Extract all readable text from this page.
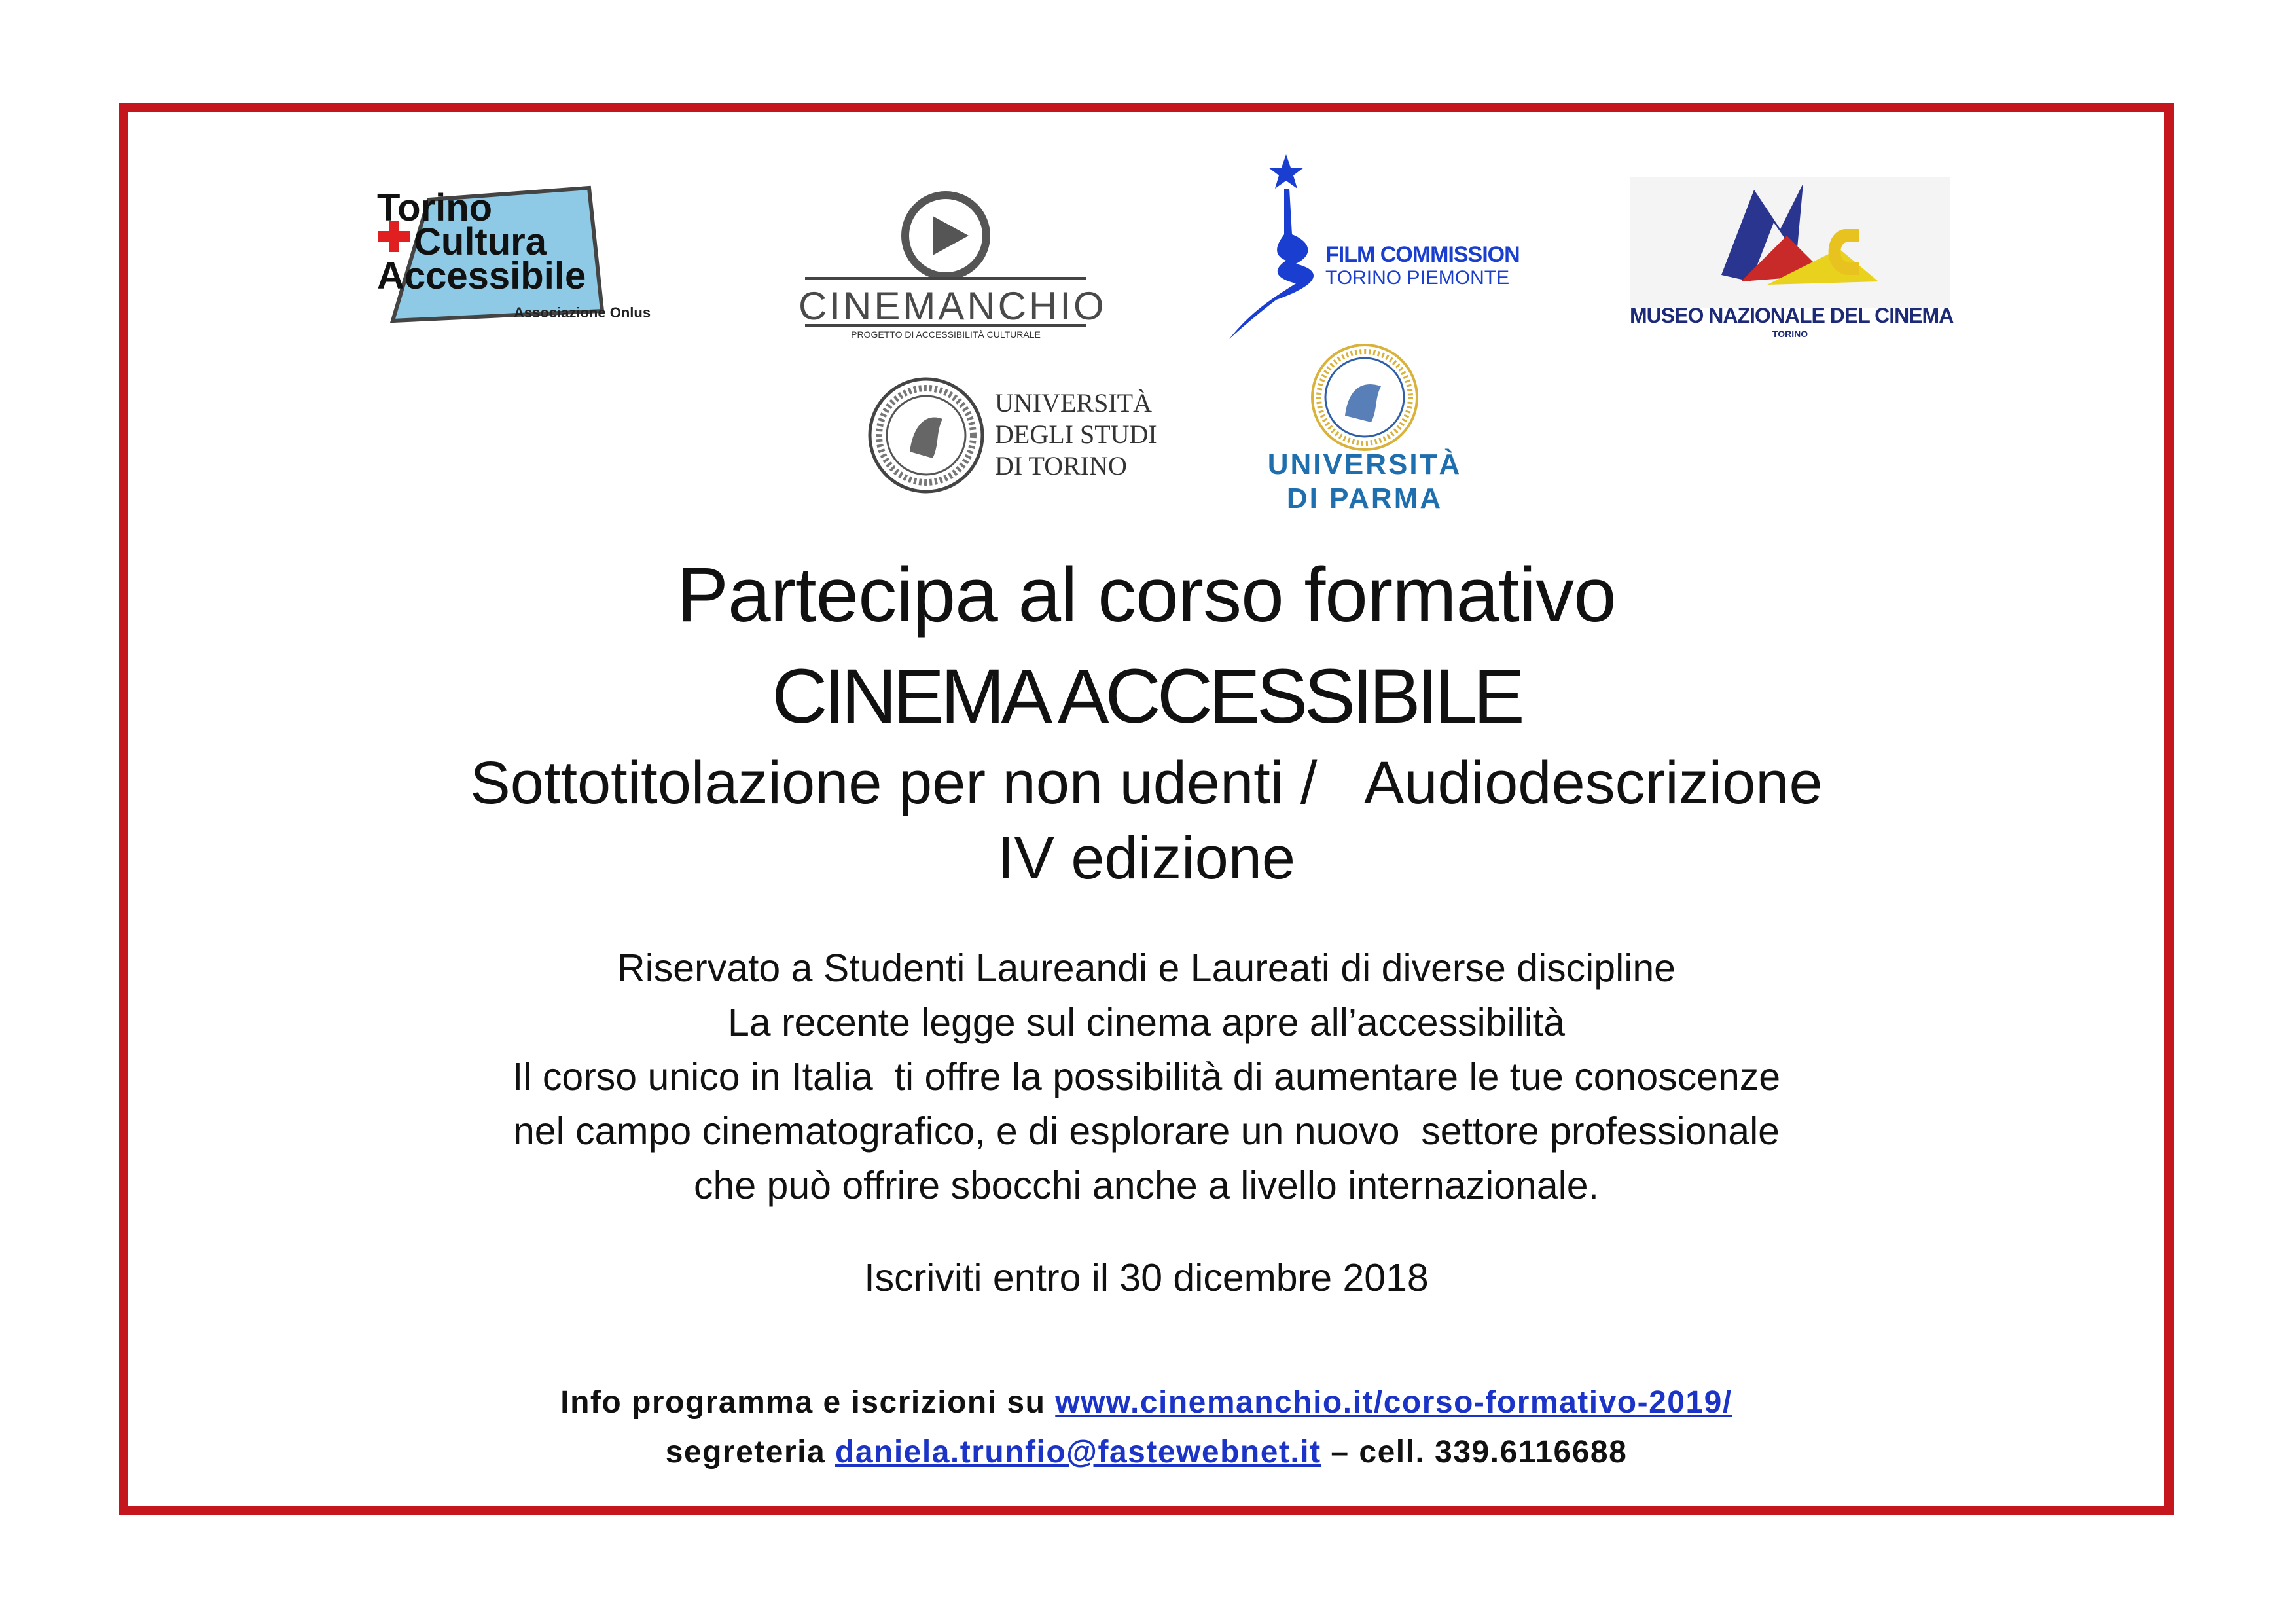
Torino
Cultura
Accessibile
Associazione Onlus	CINEMANCHIO
PROGETTO DI ACCESSIBILITÀ CULTURALE
FILM COMMISSION
TORINO PIEMONTE
MUSEO NAZIONALE DEL CINEMA
TORINO
UNIVERSITÀ
DEGLI STUDI
DI TORINO	UNIVERSITÀ
DI PARMA
Partecipa al corso formativo
CINEMA ACCESSIBILE
Sottotitolazione per non udenti /   Audiodescrizione
IV edizione
Riservato a Studenti Laureandi e Laureati di diverse discipline
La recente legge sul cinema apre all’accessibilità
Il corso unico in Italia  ti offre la possibilità di aumentare le tue conoscenze
nel campo cinematografico, e di esplorare un nuovo  settore professionale
che può offrire sbocchi anche a livello internazionale.
Iscriviti entro il 30 dicembre 2018
Info programma e iscrizioni su www.cinemanchio.it/corso-formativo-2019/
segreteria daniela.trunfio@fastewebnet.it – cell. 339.6116688
